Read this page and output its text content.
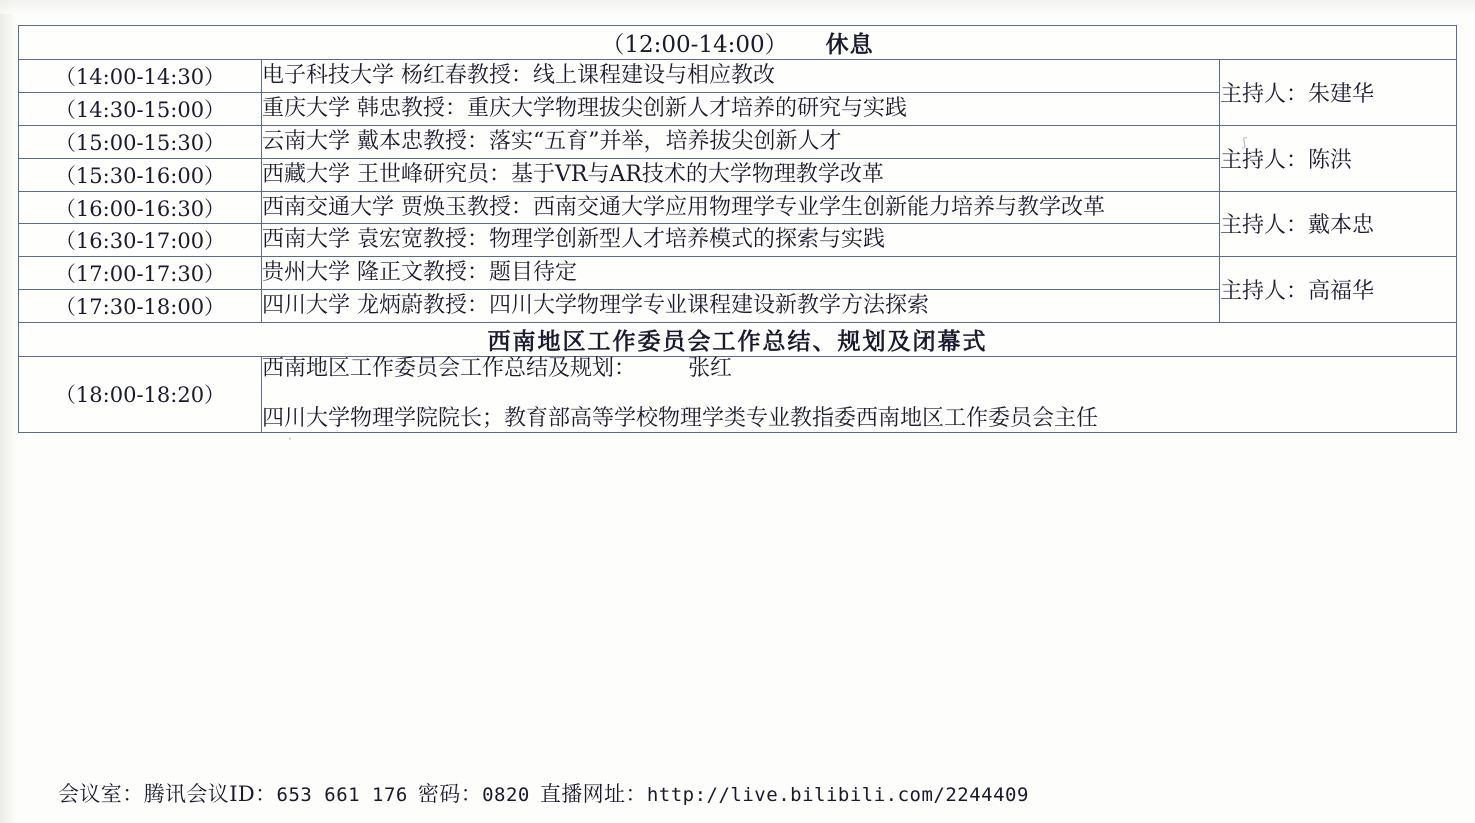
（12:00-14:00） 休息		
（14:00-14:30）	电子科技大学 杨红春教授：线上课程建设与相应教改	主持人：朱建华
（14:30-15:00）	重庆大学 韩忠教授：重庆大学物理拔尖创新人才培养的研究与实践	
（15:00-15:30）	云南大学 戴本忠教授：落实“五育”并举，培养拔尖创新人才	主持人：陈洪
（15:30-16:00）	西藏大学 王世峰研究员：基于VR与AR技术的大学物理教学改革	
（16:00-16:30）	西南交通大学 贾焕玉教授：西南交通大学应用物理学专业学生创新能力培养与教学改革	主持人：戴本忠
（16:30-17:00）	西南大学 袁宏宽教授：物理学创新型人才培养模式的探索与实践	
（17:00-17:30）	贵州大学 隆正文教授：题目待定	主持人：高福华
（17:30-18:00）	四川大学 龙炳蔚教授：四川大学物理学专业课程建设新教学方法探索	
西南地区工作委员会工作总结、规划及闭幕式		
（18:00-18:20）	西南地区工作委员会工作总结及规划： 张红
四川大学物理学院院长；教育部高等学校物理学类专业教指委西南地区工作委员会主任	
会议室：腾讯会议ID：653 661 176 密码：0820 直播网址：http://live.bilibili.com/2244409
ʃ
·
